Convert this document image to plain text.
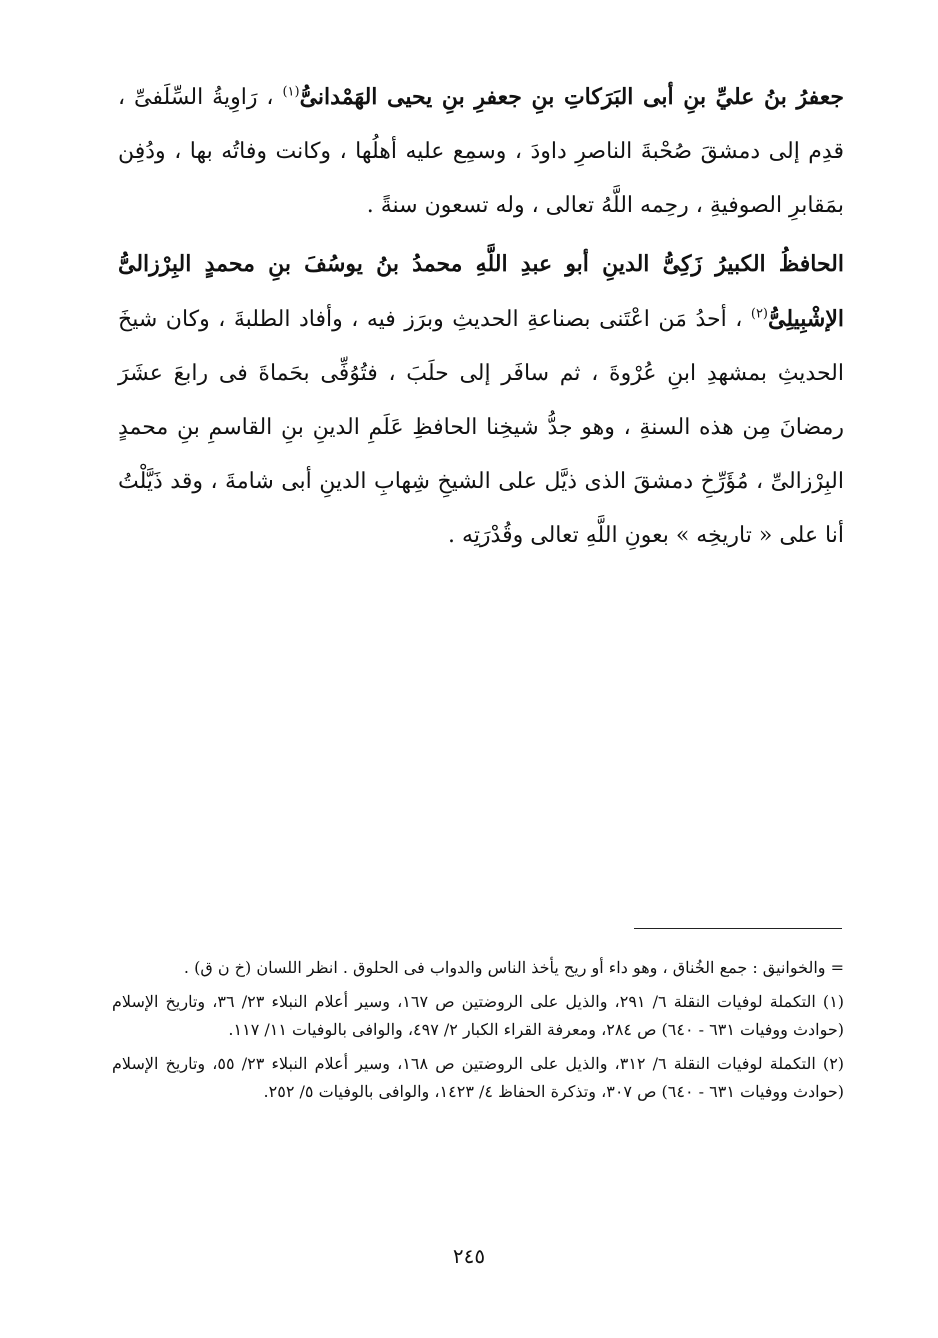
جعفرُ بنُ عليِّ بنِ أبى البَرَكاتِ بنِ جعفرِ بنِ يحيى الهَمْدانىُّ$^{(١)}$ ، رَاوِيةُ السِّلَفىِّ ، قدِم إلى دمشقَ صُحْبةَ الناصرِ داودَ ، وسمِع عليه أهلُها ، وكانت وفاتُه بها ، ودُفِن بمَقابرِ الصوفيةِ ، رحِمه اللَّهُ تعالى ، وله تسعون سنةً .

الحافظُ الكبيرُ زَكِىُّ الدينِ أبو عبدِ اللَّهِ محمدُ بنُ يوسُفَ بنِ محمدٍ البِرْزالىُّ الإشْبِيلِىُّ$^{(٢)}$ ، أحدُ مَن اعْتَنى بصناعةِ الحديثِ وبرَز فيه ، وأفاد الطلبةَ ، وكان شيخَ الحديثِ بمشهدِ ابنِ عُرْوةَ ، ثم سافَر إلى حلَبَ ، فتُوُفِّى بحَماةَ فى رابعَ عشَرَ رمضانَ مِن هذه السنةِ ، وهو جدُّ شيخِنا الحافظِ عَلَمِ الدينِ بنِ القاسمِ بنِ محمدٍ البِرْزالىِّ ، مُؤَرِّخِ دمشقَ الذى ذيَّل على الشيخِ شِهابِ الدينِ أبى شامةَ ، وقد ذَيَّلْتُ أنا على « تاريخِه » بعونِ اللَّهِ تعالى وقُدْرَتِه .

= والخوانيق : جمع الخُناق ، وهو داء أو ريح يأخذ الناس والدواب فى الحلوق . انظر اللسان (خ ن ق) .

(١) التكملة لوفيات النقلة ٦/ ٢٩١، والذيل على الروضتين ص ١٦٧، وسير أعلام النبلاء ٢٣/ ٣٦، وتاريخ الإسلام (حوادث ووفيات ٦٣١ - ٦٤٠) ص ٢٨٤، ومعرفة القراء الكبار ٢/ ٤٩٧، والوافى بالوفيات ١١/ ١١٧.

(٢) التكملة لوفيات النقلة ٦/ ٣١٢، والذيل على الروضتين ص ١٦٨، وسير أعلام النبلاء ٢٣/ ٥٥، وتاريخ الإسلام (حوادث ووفيات ٦٣١ - ٦٤٠) ص ٣٠٧، وتذكرة الحفاظ ٤/ ١٤٢٣، والوافى بالوفيات ٥/ ٢٥٢.

٢٤٥
